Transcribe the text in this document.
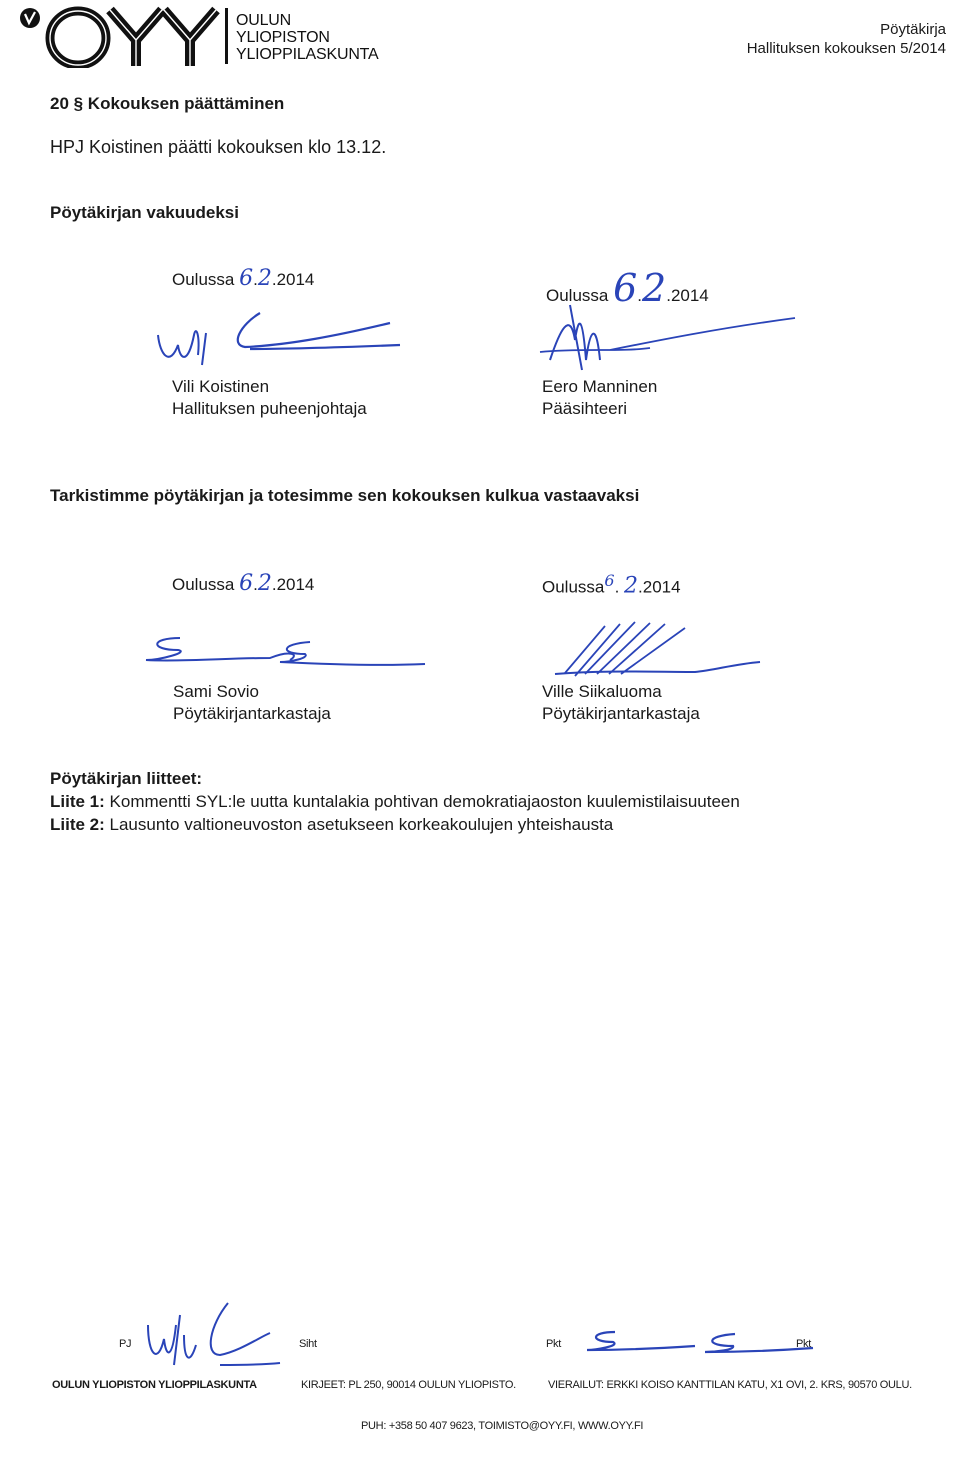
OULUN
YLIOPISTON
YLIOPPILASKUNTA
Pöytäkirja
Hallituksen kokouksen 5/2014
20 § Kokouksen päättäminen
HPJ Koistinen päätti kokouksen klo 13.12.
Pöytäkirjan vakuudeksi
Oulussa 6.2.2014
Oulussa 6.2.2014
Vili Koistinen
Hallituksen puheenjohtaja
Eero Manninen
Pääsihteeri
Tarkistimme pöytäkirjan ja totesimme sen kokouksen kulkua vastaavaksi
Oulussa 6.2.2014	Oulussa6. 2.2014
Sami Sovio
Pöytäkirjantarkastaja
Ville Siikaluoma
Pöytäkirjantarkastaja
Pöytäkirjan liitteet:
Liite 1: Kommentti SYL:le uutta kuntalakia pohtivan demokratiajaoston kuulemistilaisuuteen
Liite 2: Lausunto valtioneuvoston asetukseen korkeakoulujen yhteishausta
PJ	Siht	Pkt	Pkt
OULUN YLIOPISTON YLIOPPILASKUNTA	KIRJEET: PL 250, 90014 OULUN YLIOPISTO.	VIERAILUT: ERKKI KOISO KANTTILAN KATU, X1 OVI, 2. KRS, 90570 OULU.
PUH: +358 50 407 9623, TOIMISTO@OYY.FI, WWW.OYY.FI
